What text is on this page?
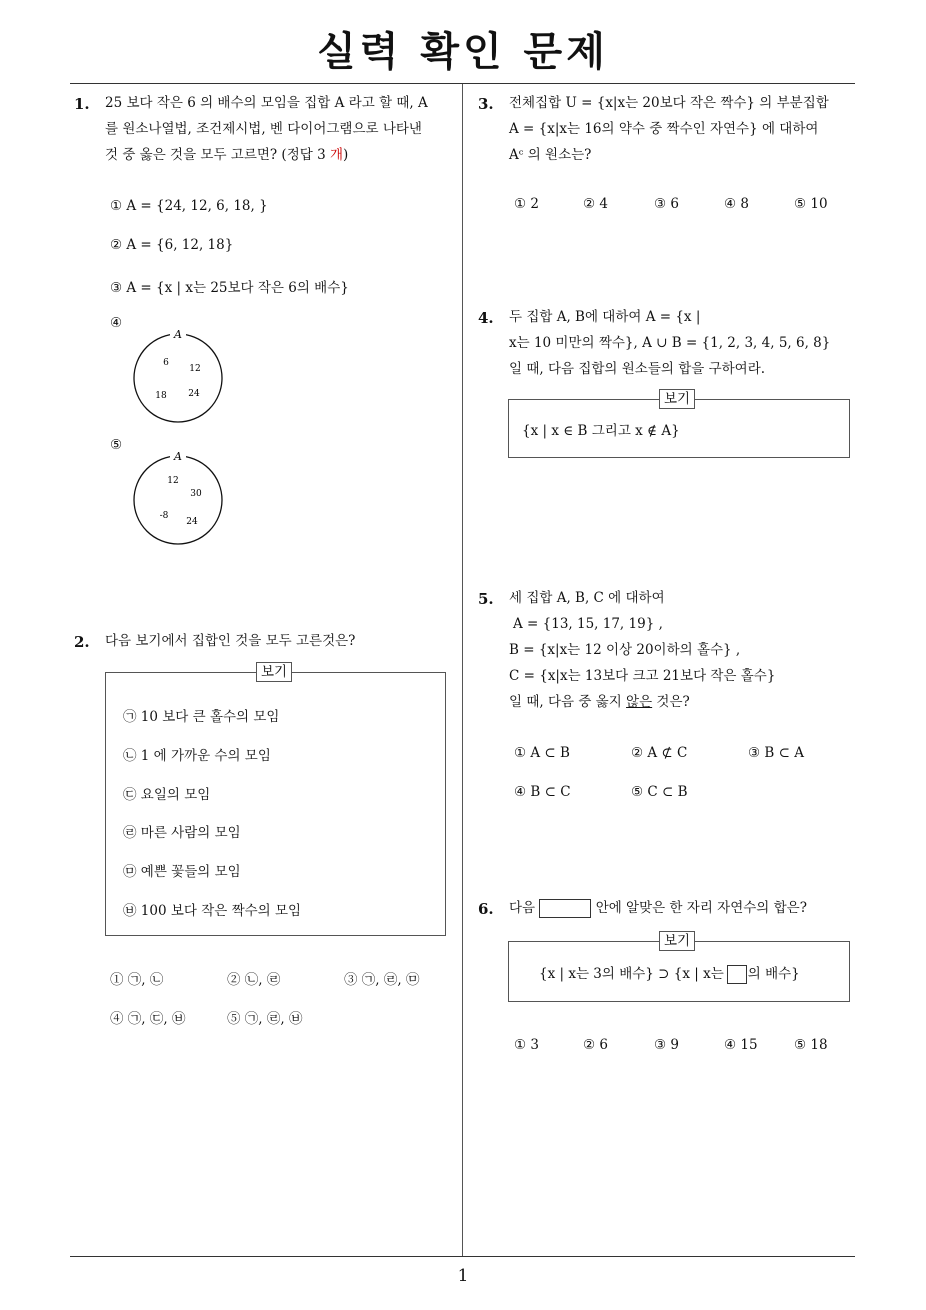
실력 확인 문제
1
1. 25 보다 작은 6 의 배수의 모임을 집합 A 라고 할 때, A
를 원소나열법, 조건제시법, 벤 다이어그램으로 나타낸
것 중 옳은 것을 모두 고르면? (정답 3 개)
① A = {24, 12, 6, 18, }
② A = {6, 12, 18}
③ A = {x | x는 25보다 작은 6의 배수}
④
A
6
12
18 24
⑤
A
12
30
-8
24
2. 다음 보기에서 집합인 것을 모두 고른것은?
보기
㉠ 10 보다 큰 홀수의 모임
㉡ 1 에 가까운 수의 모임
㉢ 요일의 모임
㉣ 마른 사람의 모임
㉤ 예쁜 꽃들의 모임
㉥ 100 보다 작은 짝수의 모임
① ㉠, ㉡	② ㉡, ㉣	③ ㉠, ㉣, ㉤
④ ㉠, ㉢, ㉥	⑤ ㉠, ㉣, ㉥
3. 전체집합 U = {x|x는 20보다 작은 짝수} 의 부분집합
A = {x|x는 16의 약수 중 짝수인 자연수} 에 대하여
Aᶜ 의 원소는?
① 2	② 4	③ 6	④ 8	⑤ 10
4. 두 집합 A, B에 대하여 A = {x |
x는 10 미만의 짝수}, A ∪ B = {1, 2, 3, 4, 5, 6, 8}
일 때, 다음 집합의 원소들의 합을 구하여라.
보기
{x | x ∈ B 그리고 x ∉ A}
5. 세 집합 A, B, C 에 대하여
A = {13, 15, 17, 19} ,
B = {x|x는 12 이상 20이하의 홀수} ,
C = {x|x는 13보다 크고 21보다 작은 홀수}
일 때, 다음 중 옳지 않은 것은?
① A ⊂ B	② A ⊄ C	③ B ⊂ A
④ B ⊂ C	⑤ C ⊂ B
6. 다음	안에 알맞은 한 자리 자연수의 합은?
보기
{x | x는 3의 배수} ⊃ {x | x는 의 배수}
① 3	② 6	③ 9	④ 15	⑤ 18
